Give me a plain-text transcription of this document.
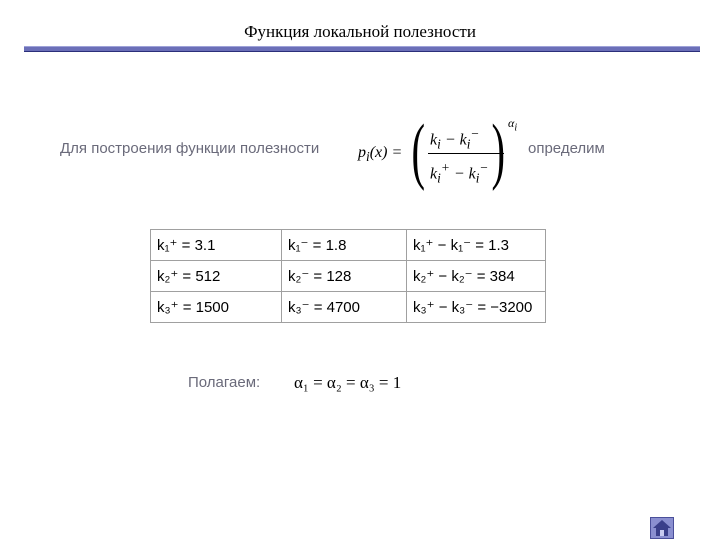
Функция локальной полезности
Для построения функции полезности $p_i(x)$ = ( $k_i - k_i^-$
$k_i^+ - k_i^-$ ) $\alpha_i$
определим
k₁⁺ = 3.1	k₁⁻ = 1.8	k₁⁺ − k₁⁻ = 1.3
k₂⁺ = 512	k₂⁻ = 128	k₂⁺ − k₂⁻ = 384
k₃⁺ = 1500	k₃⁻ = 4700	k₃⁺ − k₃⁻ = −3200
Полагаем: α₁ = α₂ = α₃ = 1
